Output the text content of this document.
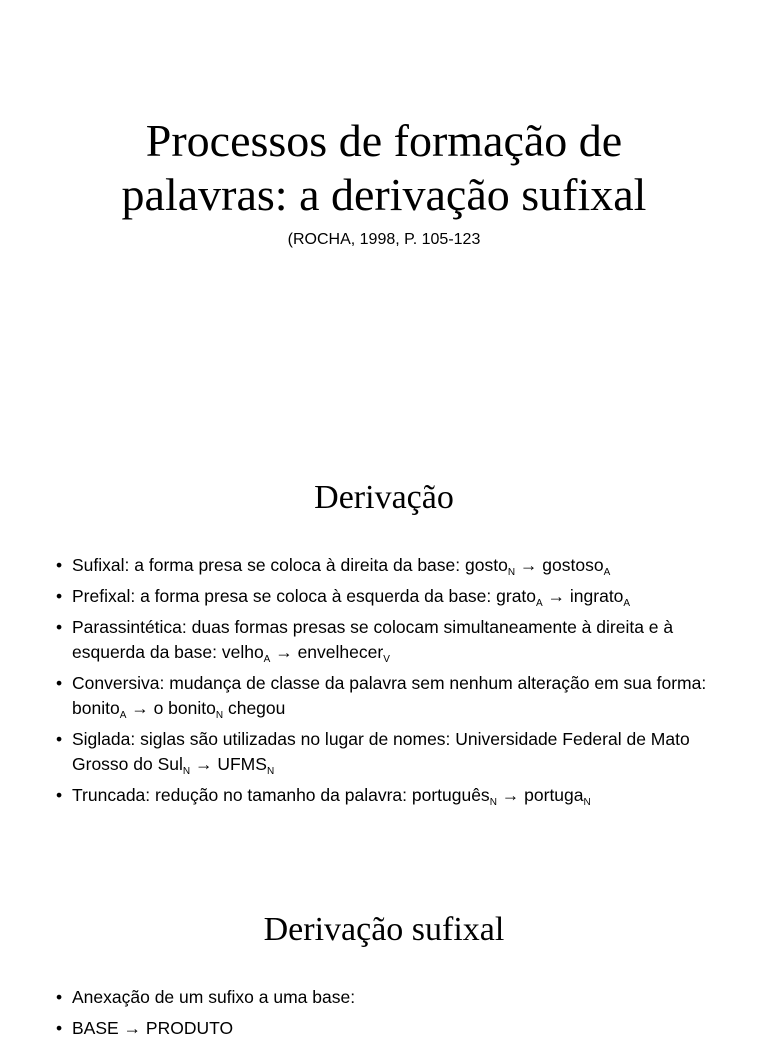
Processos de formação de
palavras: a derivação sufixal
(ROCHA, 1998, P. 105-123
Derivação
• Sufixal: a forma presa se coloca à direita da base: gosto$_N$ → gostoso$_A$
• Prefixal: a forma presa se coloca à esquerda da base: grato$_A$ → ingrato$_A$
• Parassintética: duas formas presas se colocam simultaneamente à direita e à esquerda da base: velho$_A$ → envelhecer$_V$
• Conversiva: mudança de classe da palavra sem nenhum alteração em sua forma: bonito$_A$ → o bonito$_N$ chegou
• Siglada: siglas são utilizadas no lugar de nomes: Universidade Federal de Mato Grosso do $Sul_N \to UFMS_N$
• Truncada: redução no tamanho da palavra: português$_N$ → portuga$_N$
Derivação sufixal
• Anexação de um sufixo a uma base:
• BASE → PRODUTO
